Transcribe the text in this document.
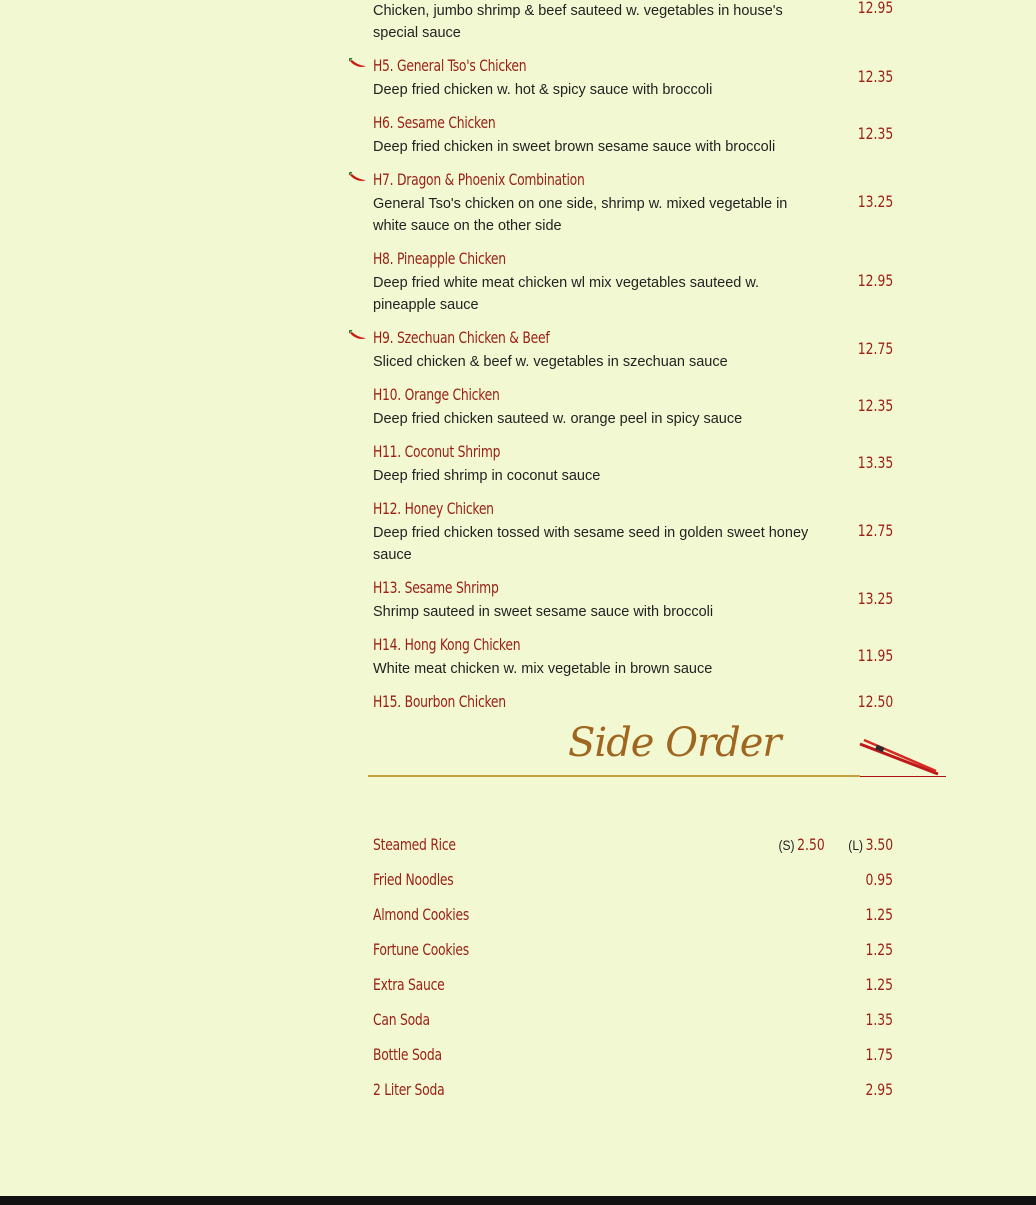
Chicken, jumbo shrimp & beef sauteed w. vegetables in house's special sauce
12.95
H5. General Tso's Chicken
Deep fried chicken w. hot & spicy sauce with broccoli
12.35
H6. Sesame Chicken
Deep fried chicken in sweet brown sesame sauce with broccoli
12.35
H7. Dragon & Phoenix Combination
General Tso's chicken on one side, shrimp w. mixed vegetable in white sauce on the other side
13.25
H8. Pineapple Chicken
Deep fried white meat chicken wl mix vegetables sauteed w. pineapple sauce
12.95
H9. Szechuan Chicken & Beef
Sliced chicken & beef w. vegetables in szechuan sauce
12.75
H10. Orange Chicken
Deep fried chicken sauteed w. orange peel in spicy sauce
12.35
H11. Coconut Shrimp
Deep fried shrimp in coconut sauce
13.35
H12. Honey Chicken
Deep fried chicken tossed with sesame seed in golden sweet honey sauce
12.75
H13. Sesame Shrimp
Shrimp sauteed in sweet sesame sauce with broccoli
13.25
H14. Hong Kong Chicken
White meat chicken w. mix vegetable in brown sauce
11.95
H15. Bourbon Chicken	12.50
Side Order
Steamed Rice	(S) 2.50 (L) 3.50
Fried Noodles	0.95
Almond Cookies	1.25
Fortune Cookies	1.25
Extra Sauce	1.25
Can Soda	1.35
Bottle Soda	1.75
2 Liter Soda	2.95
